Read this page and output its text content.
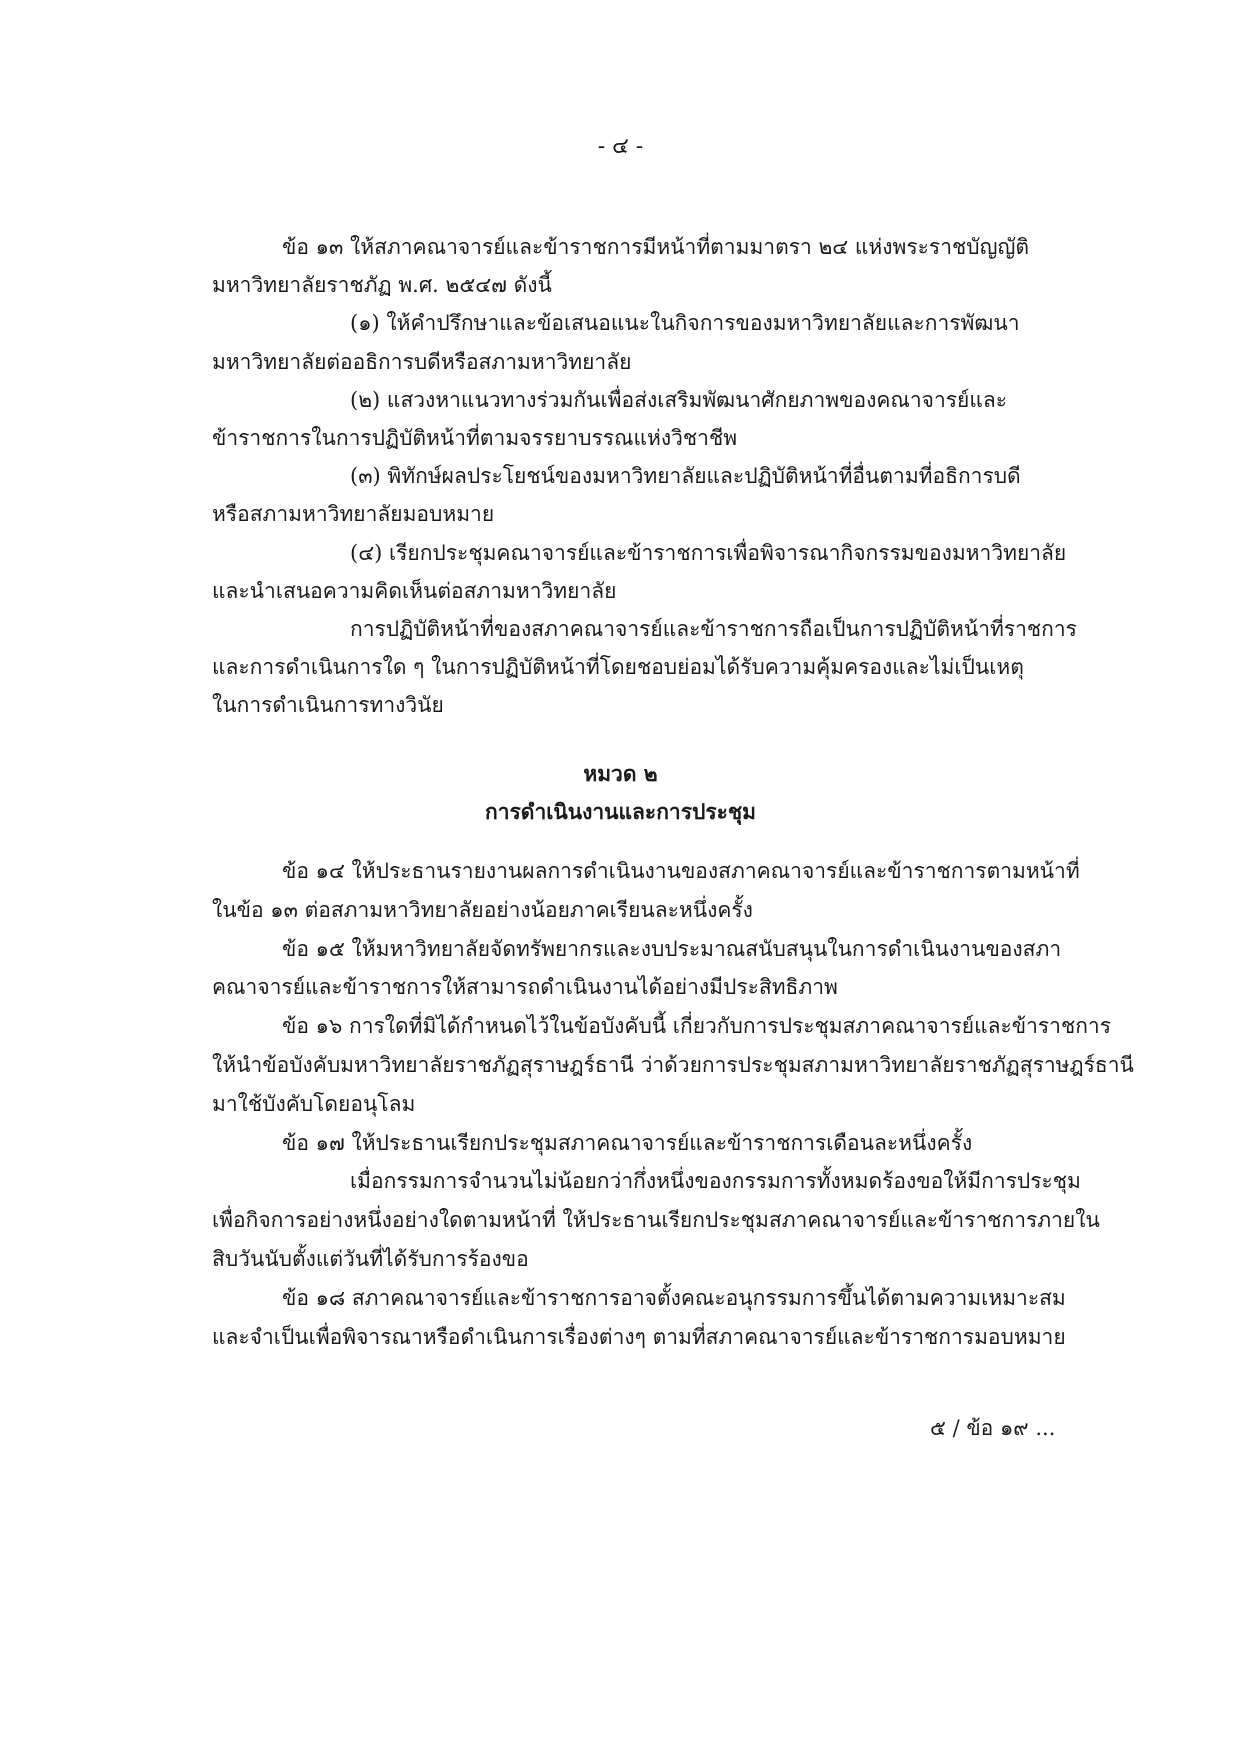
- ๔ -
ข้อ ๑๓ ให้สภาคณาจารย์และข้าราชการมีหน้าที่ตามมาตรา ๒๔ แห่งพระราชบัญญัติ
มหาวิทยาลัยราชภัฏ พ.ศ. ๒๕๔๗ ดังนี้
(๑) ให้คำปรึกษาและข้อเสนอแนะในกิจการของมหาวิทยาลัยและการพัฒนา
มหาวิทยาลัยต่ออธิการบดีหรือสภามหาวิทยาลัย
(๒) แสวงหาแนวทางร่วมกันเพื่อส่งเสริมพัฒนาศักยภาพของคณาจารย์และ
ข้าราชการในการปฏิบัติหน้าที่ตามจรรยาบรรณแห่งวิชาชีพ
(๓) พิทักษ์ผลประโยชน์ของมหาวิทยาลัยและปฏิบัติหน้าที่อื่นตามที่อธิการบดี
หรือสภามหาวิทยาลัยมอบหมาย
(๔) เรียกประชุมคณาจารย์และข้าราชการเพื่อพิจารณากิจกรรมของมหาวิทยาลัย
และนำเสนอความคิดเห็นต่อสภามหาวิทยาลัย
การปฏิบัติหน้าที่ของสภาคณาจารย์และข้าราชการถือเป็นการปฏิบัติหน้าที่ราชการ
และการดำเนินการใด ๆ ในการปฏิบัติหน้าที่โดยชอบย่อมได้รับความคุ้มครองและไม่เป็นเหตุ
ในการดำเนินการทางวินัย
หมวด ๒
การดำเนินงานและการประชุม
ข้อ ๑๔ ให้ประธานรายงานผลการดำเนินงานของสภาคณาจารย์และข้าราชการตามหน้าที่
ในข้อ ๑๓ ต่อสภามหาวิทยาลัยอย่างน้อยภาคเรียนละหนึ่งครั้ง
ข้อ ๑๕ ให้มหาวิทยาลัยจัดทรัพยากรและงบประมาณสนับสนุนในการดำเนินงานของสภา
คณาจารย์และข้าราชการให้สามารถดำเนินงานได้อย่างมีประสิทธิภาพ
ข้อ ๑๖ การใดที่มิได้กำหนดไว้ในข้อบังคับนี้ เกี่ยวกับการประชุมสภาคณาจารย์และข้าราชการ
ให้นำข้อบังคับมหาวิทยาลัยราชภัฏสุราษฎร์ธานี ว่าด้วยการประชุมสภามหาวิทยาลัยราชภัฏสุราษฎร์ธานี
มาใช้บังคับโดยอนุโลม
ข้อ ๑๗ ให้ประธานเรียกประชุมสภาคณาจารย์และข้าราชการเดือนละหนึ่งครั้ง
เมื่อกรรมการจำนวนไม่น้อยกว่ากึ่งหนึ่งของกรรมการทั้งหมดร้องขอให้มีการประชุม
เพื่อกิจการอย่างหนึ่งอย่างใดตามหน้าที่ ให้ประธานเรียกประชุมสภาคณาจารย์และข้าราชการภายใน
สิบวันนับตั้งแต่วันที่ได้รับการร้องขอ
ข้อ ๑๘ สภาคณาจารย์และข้าราชการอาจตั้งคณะอนุกรรมการขึ้นได้ตามความเหมาะสม
และจำเป็นเพื่อพิจารณาหรือดำเนินการเรื่องต่างๆ ตามที่สภาคณาจารย์และข้าราชการมอบหมาย
๕ / ข้อ ๑๙ ...
